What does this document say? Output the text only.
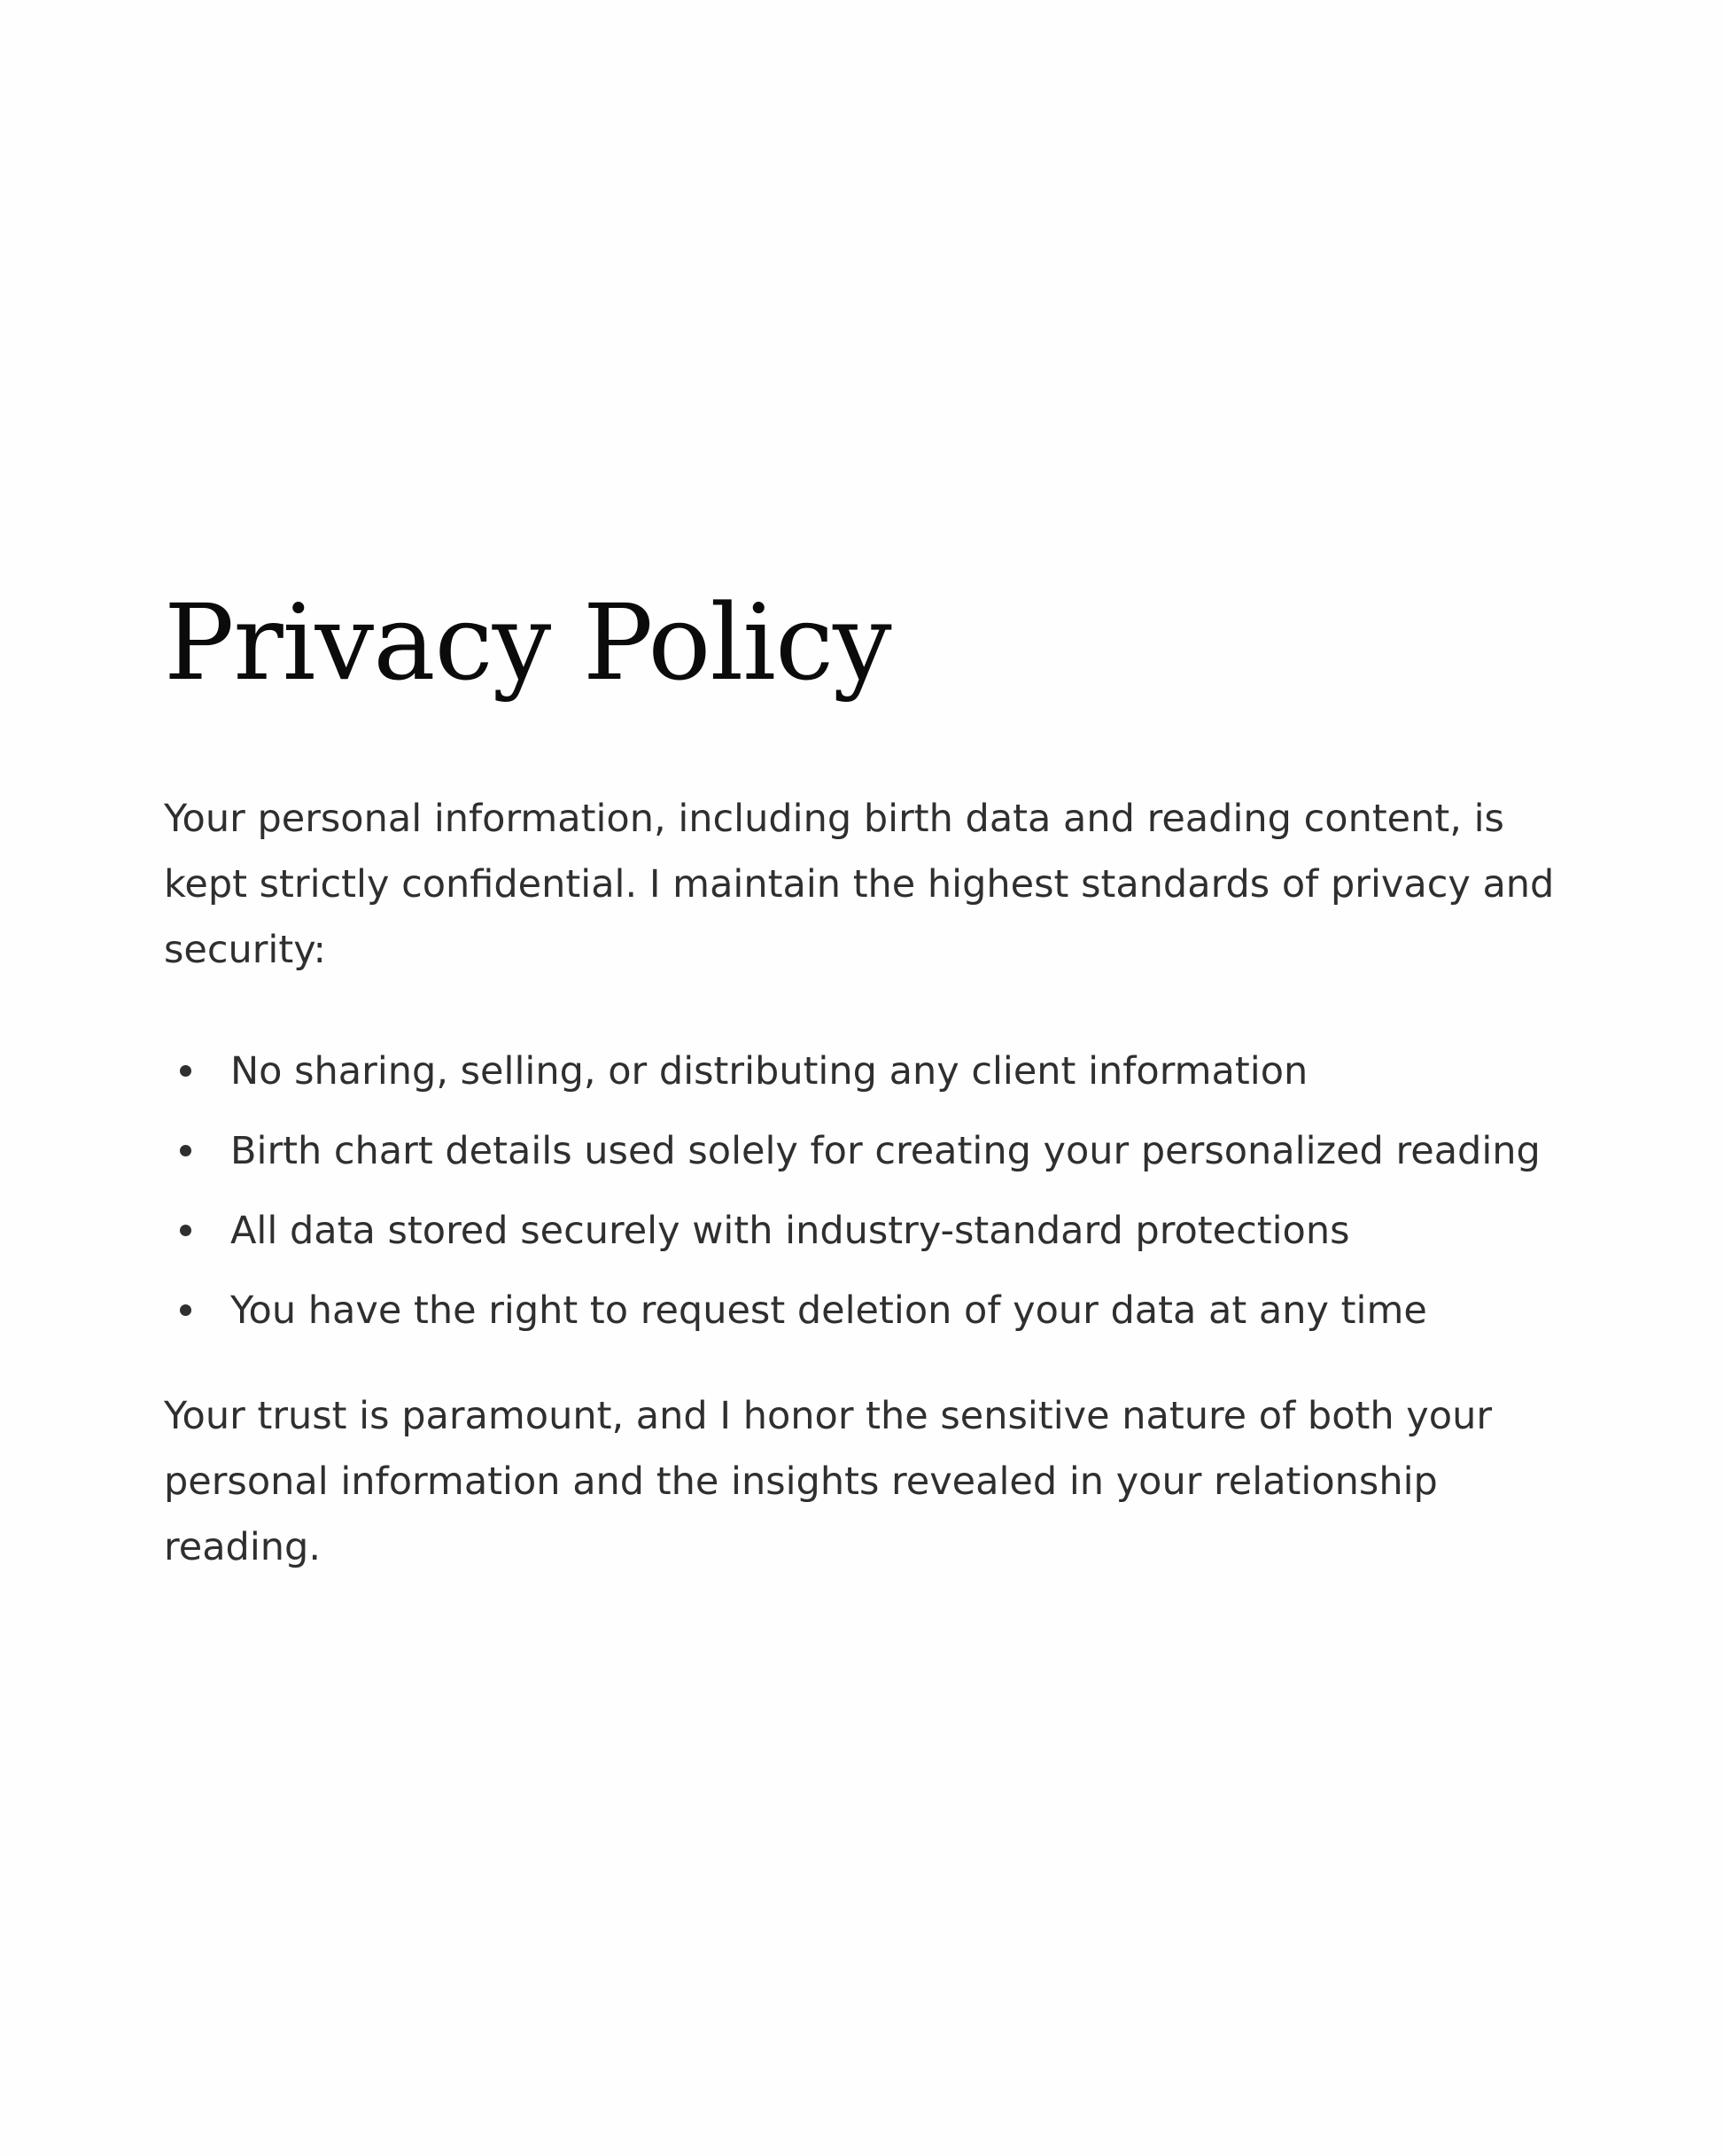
Privacy Policy

Your personal information, including birth data and reading content, is kept strictly confidential. I maintain the highest standards of privacy and security:

No sharing, selling, or distributing any client information
Birth chart details used solely for creating your personalized reading
All data stored securely with industry-standard protections
You have the right to request deletion of your data at any time

Your trust is paramount, and I honor the sensitive nature of both your personal information and the insights revealed in your relationship reading.
